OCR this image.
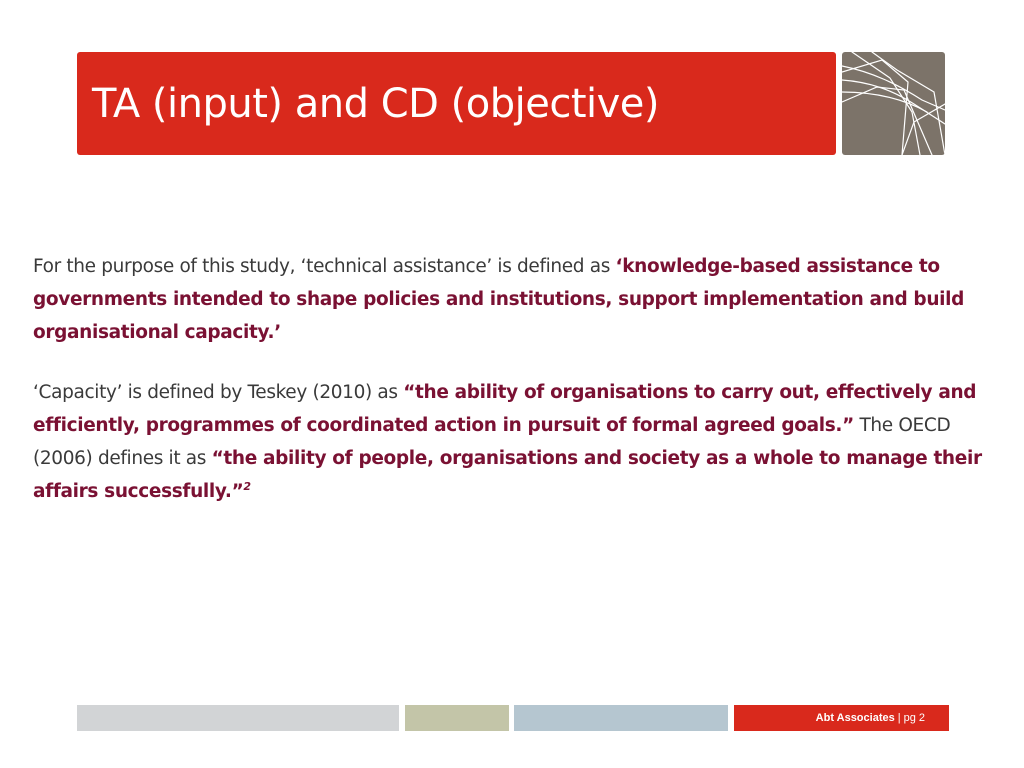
TA (input) and CD (objective)

For the purpose of this study, ‘technical assistance’ is defined as ‘knowledge-based assistance to governments intended to shape policies and institutions, support implementation and build organisational capacity.’

‘Capacity’ is defined by Teskey (2010) as “the ability of organisations to carry out, effectively and efficiently, programmes of coordinated action in pursuit of formal agreed goals.” The OECD (2006) defines it as “the ability of people, organisations and society as a whole to manage their affairs successfully.”$^2$

Abt Associates | pg 2
